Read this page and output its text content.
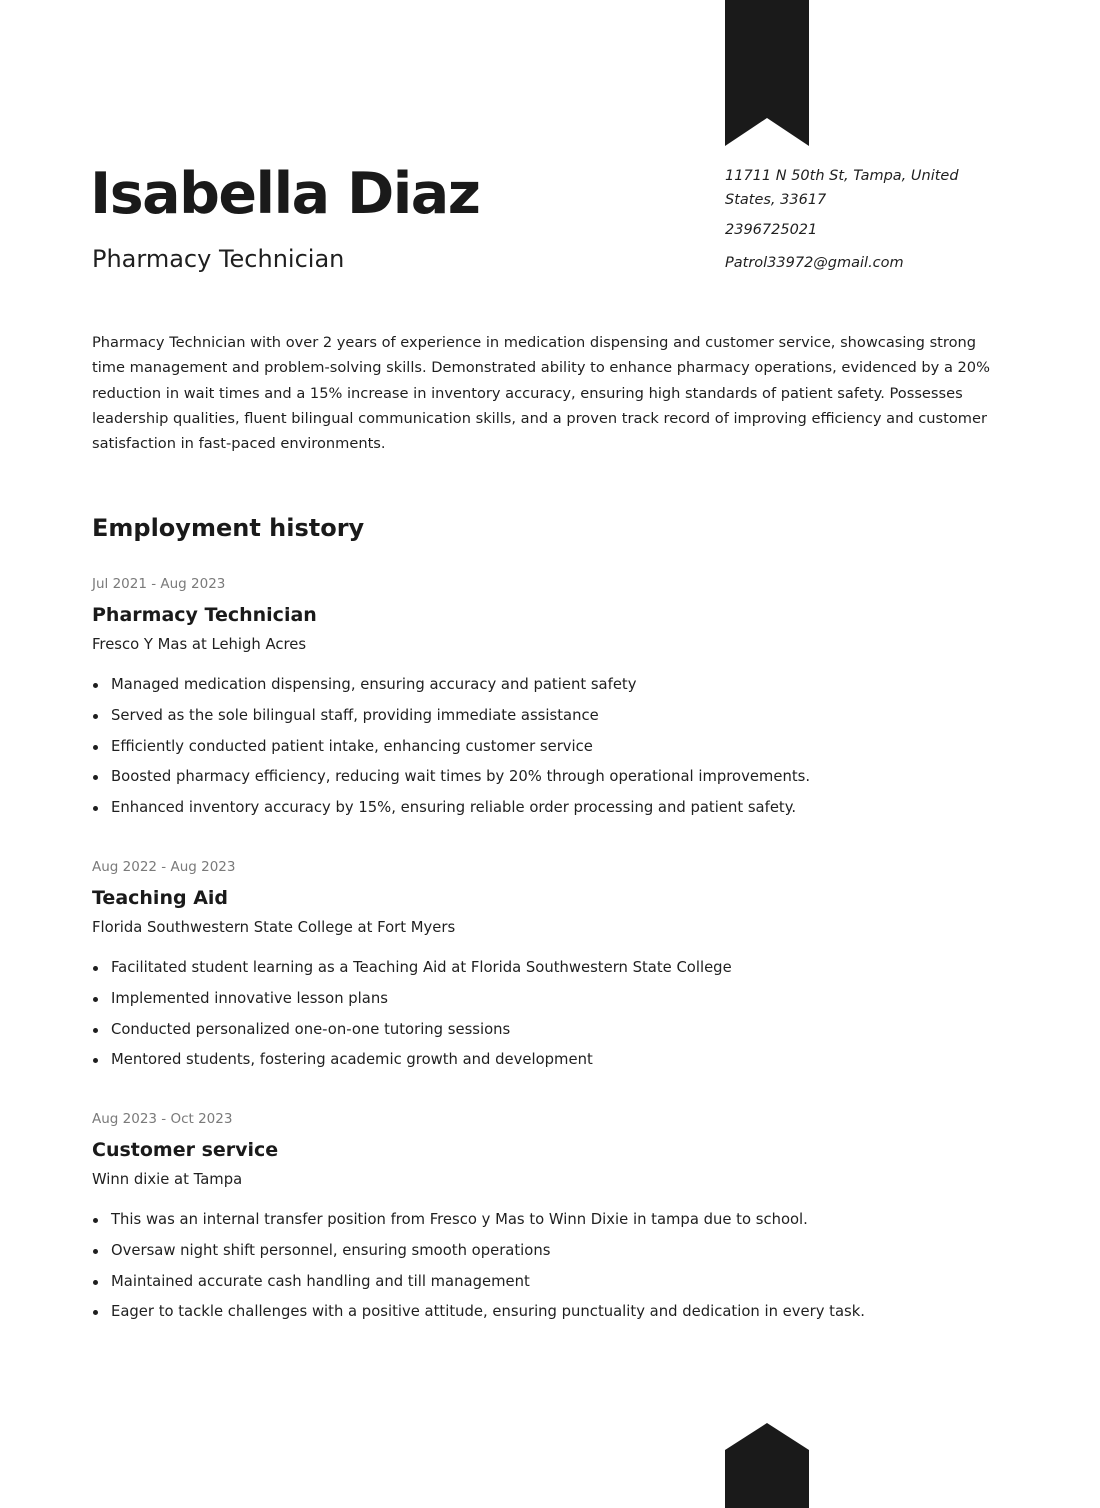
Isabella Diaz
Pharmacy Technician
11711 N 50th St, Tampa, United States, 33617
2396725021
Patrol33972@gmail.com

Pharmacy Technician with over 2 years of experience in medication dispensing and customer service, showcasing strong time management and problem-solving skills. Demonstrated ability to enhance pharmacy operations, evidenced by a 20% reduction in wait times and a 15% increase in inventory accuracy, ensuring high standards of patient safety. Possesses leadership qualities, fluent bilingual communication skills, and a proven track record of improving efficiency and customer satisfaction in fast-paced environments.

Employment history
Jul 2021 - Aug 2023
Pharmacy Technician
Fresco Y Mas at Lehigh Acres
Managed medication dispensing, ensuring accuracy and patient safety
Served as the sole bilingual staff, providing immediate assistance
Efficiently conducted patient intake, enhancing customer service
Boosted pharmacy efficiency, reducing wait times by 20% through operational improvements.
Enhanced inventory accuracy by 15%, ensuring reliable order processing and patient safety.
Aug 2022 - Aug 2023
Teaching Aid
Florida Southwestern State College at Fort Myers
Facilitated student learning as a Teaching Aid at Florida Southwestern State College
Implemented innovative lesson plans
Conducted personalized one-on-one tutoring sessions
Mentored students, fostering academic growth and development
Aug 2023 - Oct 2023
Customer service
Winn dixie at Tampa
This was an internal transfer position from Fresco y Mas to Winn Dixie in tampa due to school.
Oversaw night shift personnel, ensuring smooth operations
Maintained accurate cash handling and till management
Eager to tackle challenges with a positive attitude, ensuring punctuality and dedication in every task.
